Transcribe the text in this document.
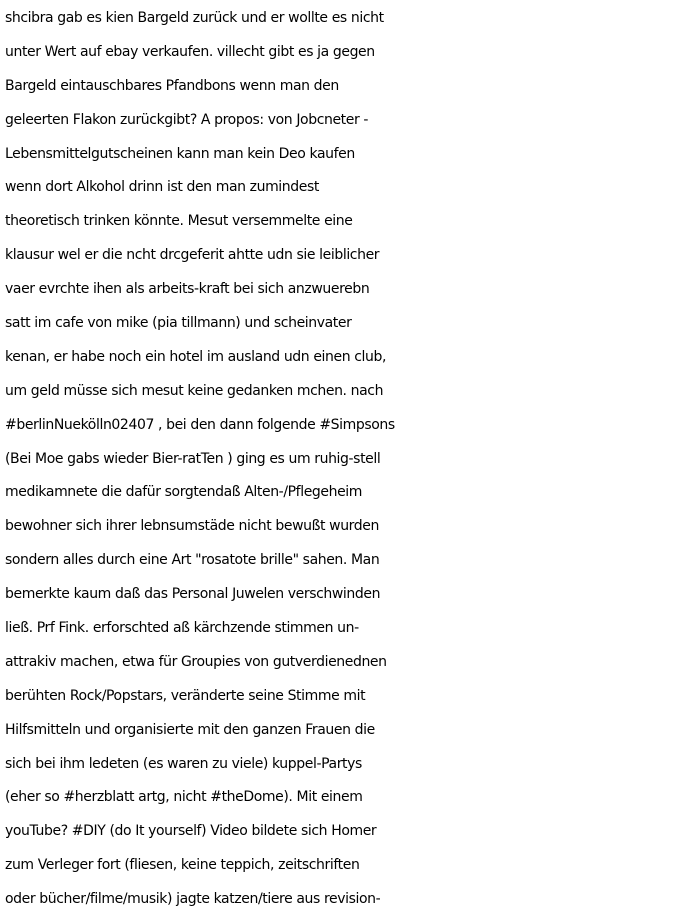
shcibra gab es kien Bargeld zurück und er wollte es nicht
unter Wert auf ebay verkaufen. villecht gibt es ja gegen
Bargeld eintauschbares Pfandbons wenn man den
geleerten Flakon zurückgibt? A propos: von Jobcneter -
Lebensmittelgutscheinen kann man kein Deo kaufen
wenn dort Alkohol drinn ist den man zumindest
theoretisch trinken könnte. Mesut versemmelte eine
klausur wel er die ncht drcgeferit ahtte udn sie leiblicher
vaer evrchte ihen als arbeits-kraft bei sich anzwuerebn
satt im cafe von mike (pia tillmann) und scheinvater
kenan, er habe noch ein hotel im ausland udn einen club,
um geld müsse sich mesut keine gedanken mchen. nach
#berlinNuekölln02407 , bei den dann folgende #Simpsons
(Bei Moe gabs wieder Bier-ratTen ) ging es um ruhig-stell
medikamnete die dafür sorgtendaß Alten-/Pflegeheim
bewohner sich ihrer lebnsumstäde nicht bewußt wurden
sondern alles durch eine Art "rosatote brille" sahen. Man
bemerkte kaum daß das Personal Juwelen verschwinden
ließ. Prf Fink. erforschted aß kärchzende stimmen un-
attrakiv machen, etwa für Groupies von gutverdienednen
berühten Rock/Popstars, veränderte seine Stimme mit
Hilfsmitteln und organisierte mit den ganzen Frauen die
sich bei ihm ledeten (es waren zu viele) kuppel-Partys
(eher so #herzblatt artg, nicht #theDome). Mit einem
youTube? #DIY (do It yourself) Video bildete sich Homer
zum Verleger fort (fliesen, keine teppich, zeitschriften
oder bücher/filme/musik) jagte katzen/tiere aus revision-
